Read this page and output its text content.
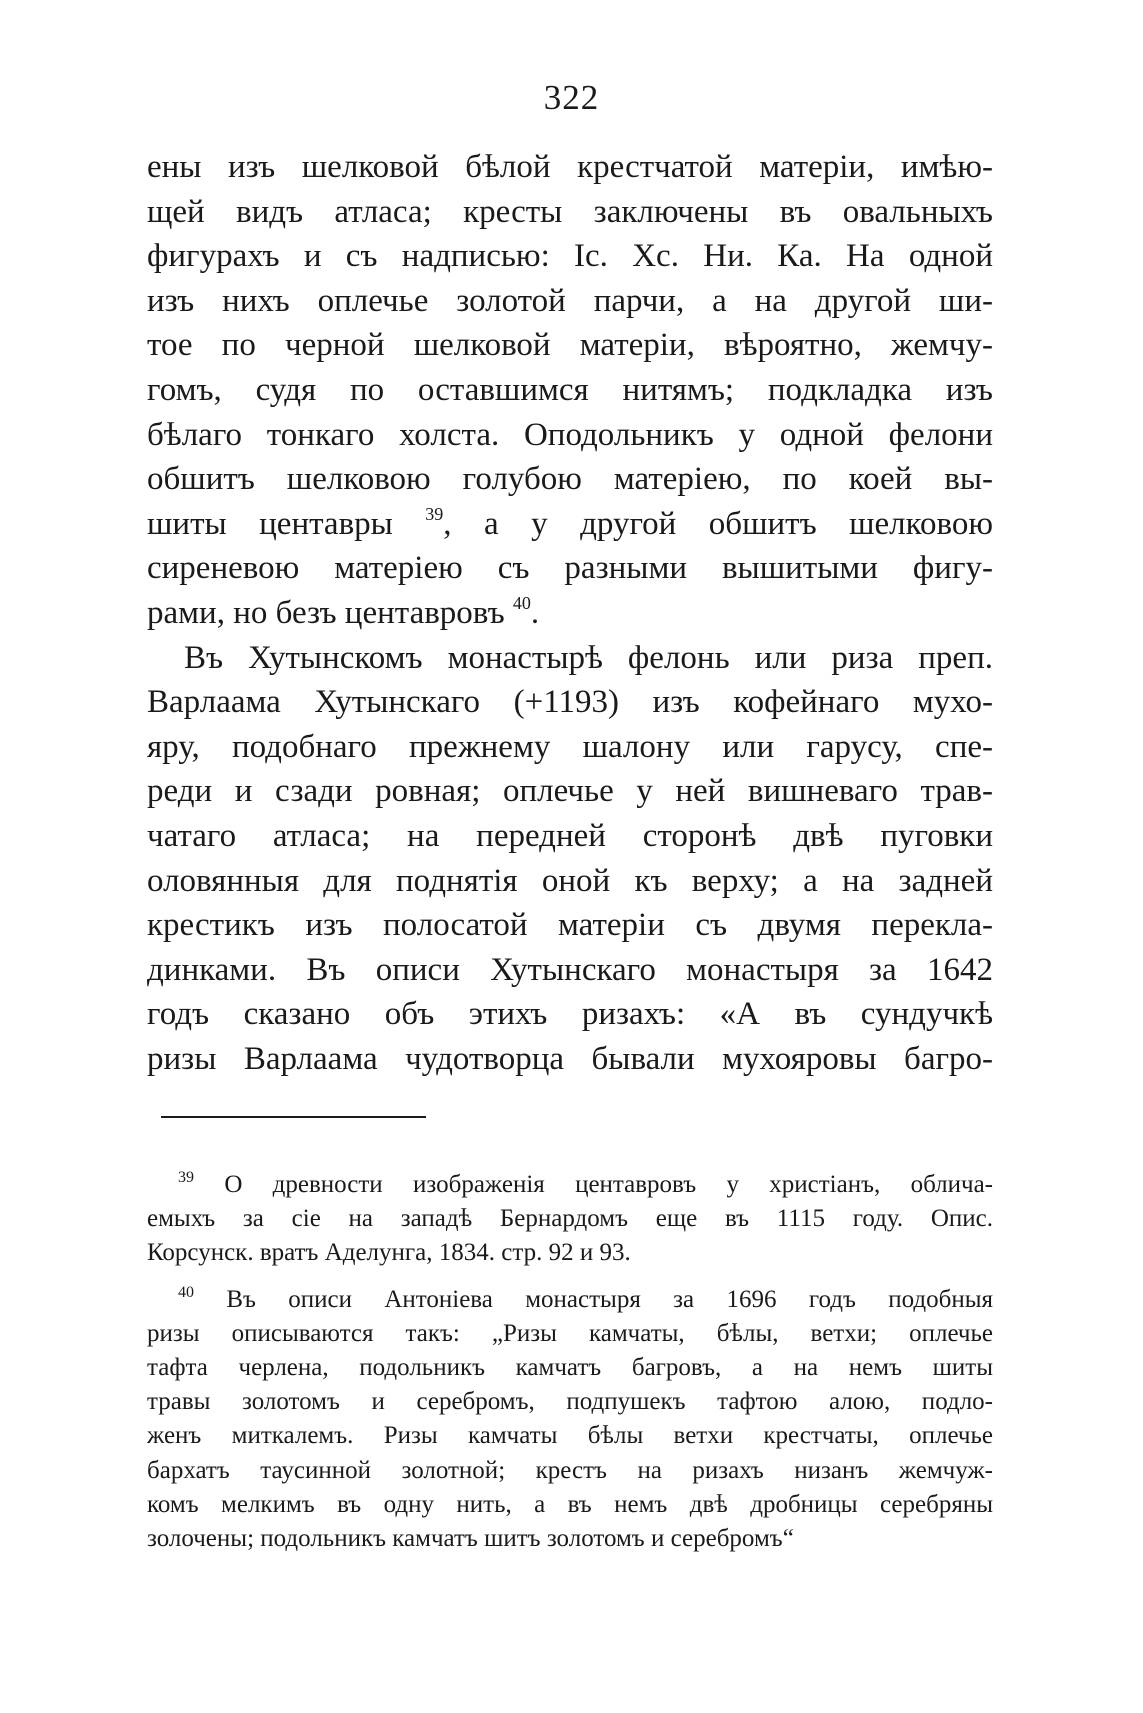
322
ены изъ шелковой бѣлой крестчатой матеріи, имѣю-
щей видъ атласа; кресты заключены въ овальныхъ
фигурахъ и съ надписью: Іс. Хс. Ни. Ка. На одной
изъ нихъ оплечье золотой парчи, а на другой ши-
тое по черной шелковой матеріи, вѣроятно, жемчу-
гомъ, судя по оставшимся нитямъ; подкладка изъ
бѣлаго тонкаго холста. Оподольникъ у одной фелони
обшитъ шелковою голубою матеріею, по коей вы-
шиты центавры $^{39}$, а у другой обшитъ шелковою
сиреневою матеріею съ разными вышитыми фигу-
рами, но безъ центавровъ $^{40}$.
Въ Хутынскомъ монастырѣ фелонь или риза преп.
Варлаама Хутынскаго (+1193) изъ кофейнаго мухо-
яру, подобнаго прежнему шалону или гарусу, спе-
реди и сзади ровная; оплечье у ней вишневаго трав-
чатаго атласа; на передней сторонѣ двѣ пуговки
оловянныя для поднятія оной къ верху; а на задней
крестикъ изъ полосатой матеріи съ двумя перекла-
динками. Въ описи Хутынскаго монастыря за 1642
годъ сказано объ этихъ ризахъ: «А въ сундучкѣ
ризы Варлаама чудотворца бывали мухояровы багро-
$^{39}$ О древности изображенія центавровъ у христіанъ, облича-
емыхъ за сіе на западѣ Бернардомъ еще въ 1115 году. Опис.
Корсунск. вратъ Аделунга, 1834. стр. 92 и 93.
$^{40}$ Въ описи Антоніева монастыря за 1696 годъ подобныя
ризы описываются такъ: „Ризы камчаты, бѣлы, ветхи; оплечье
тафта черлена, подольникъ камчатъ багровъ, а на немъ шиты
травы золотомъ и серебромъ, подпушекъ тафтою алою, подло-
женъ миткалемъ. Ризы камчаты бѣлы ветхи крестчаты, оплечье
бархатъ таусинной золотной; крестъ на ризахъ низанъ жемчуж-
комъ мелкимъ въ одну нить, а въ немъ двѣ дробницы серебряны
золочены; подольникъ камчатъ шитъ золотомъ и серебромъ“
